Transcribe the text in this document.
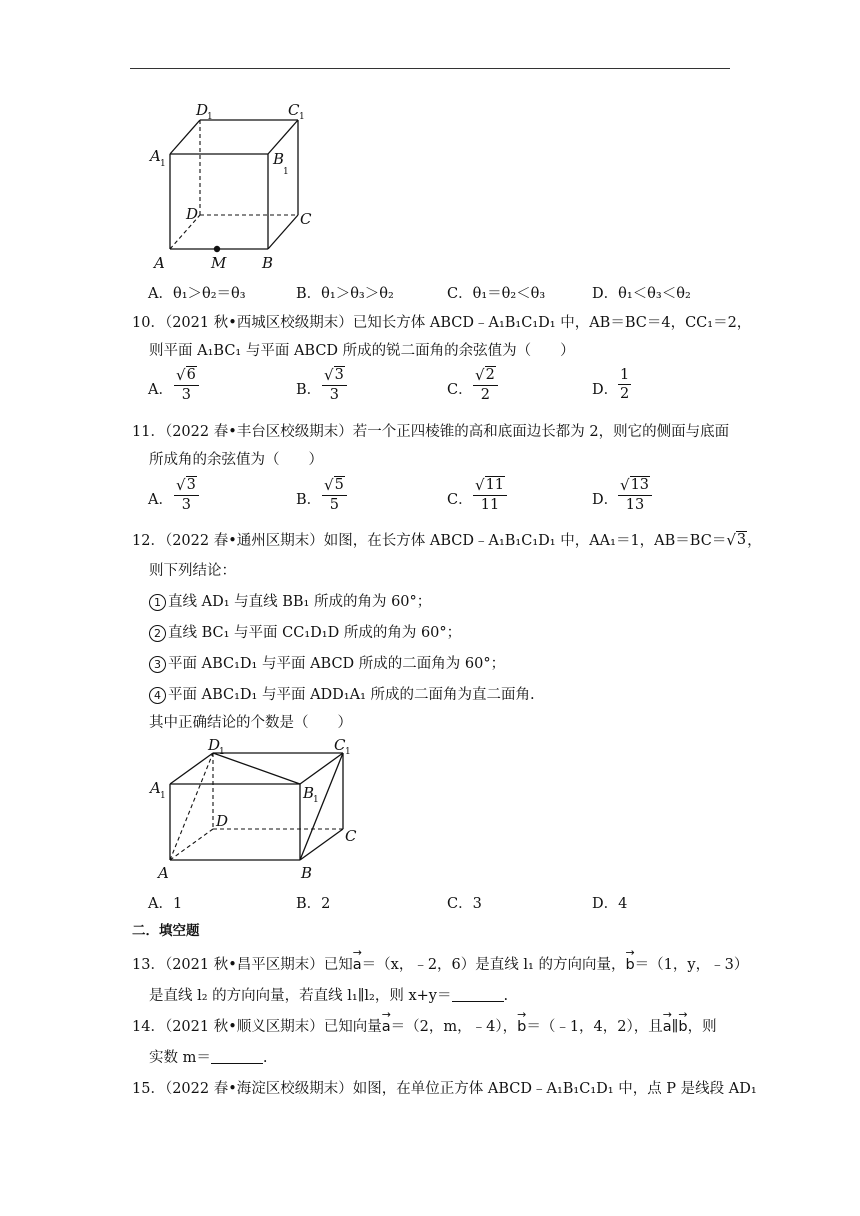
A 1
D
1	C 1
B
1
D	C
A	M B
A．θ₁＞θ₂＝θ₃	B．θ₁＞θ₃＞θ₂	C．θ₁＝θ₂＜θ₃	D．θ₁＜θ₃＜θ₂
10．（2021 秋•西城区校级期末）已知长方体 ABCD﹣A₁B₁C₁D₁ 中，AB＝BC＝4，CC₁＝2，
则平面 A₁BC₁ 与平面 ABCD 所成的锐二面角的余弦值为（　　）
A． $\frac{√ 6}{3}$	B． $\frac{√ 3}{3}$	C． $\frac{√ 2}{2}$	D． $\frac{1}{2}$
11．（2022 春•丰台区校级期末）若一个正四棱锥的高和底面边长都为 2，则它的侧面与底面
所成角的余弦值为（　　）
A． $\frac{√ 3}{3}$	B． $\frac{√ 5}{5}$	C． $\frac{√ 11}{11}$	D． $\frac{√ 13}{13}$
12．（2022 春•通州区期末）如图，在长方体 ABCD﹣A₁B₁C₁D₁ 中，AA₁＝1，AB＝BC＝ √ 3 ，
则下列结论：
1 直线 AD₁ 与直线 BB₁ 所成的角为 60°；
2 直线 BC₁ 与平面 CC₁D₁D 所成的角为 60°；
3 平面 ABC₁D₁ 与平面 ABCD 所成的二面角为 60°；
4 平面 ABC₁D₁ 与平面 ADD₁A₁ 所成的二面角为直二面角.
其中正确结论的个数是（　　）
A 1
D
1	C 1
B
1
D
C
A	B
A．1	B．2	C．3	D．4
二．填空题
13．（2021 秋•昌平区期末）已知→ a＝（x，﹣2，6）是直线 l₁ 的方向向量，→ b＝（1，y，﹣3）
是直线 l₂ 的方向向量，若直线 l₁∥l₂，则 x+y＝	.
14．（2021 秋•顺义区期末）已知向量→ a＝（2，m，﹣4），→ b＝（﹣1，4，2），且→ a∥→ b，则
实数 m＝	.
15．（2022 春•海淀区校级期末）如图，在单位正方体 ABCD﹣A₁B₁C₁D₁ 中，点 P 是线段 AD₁
